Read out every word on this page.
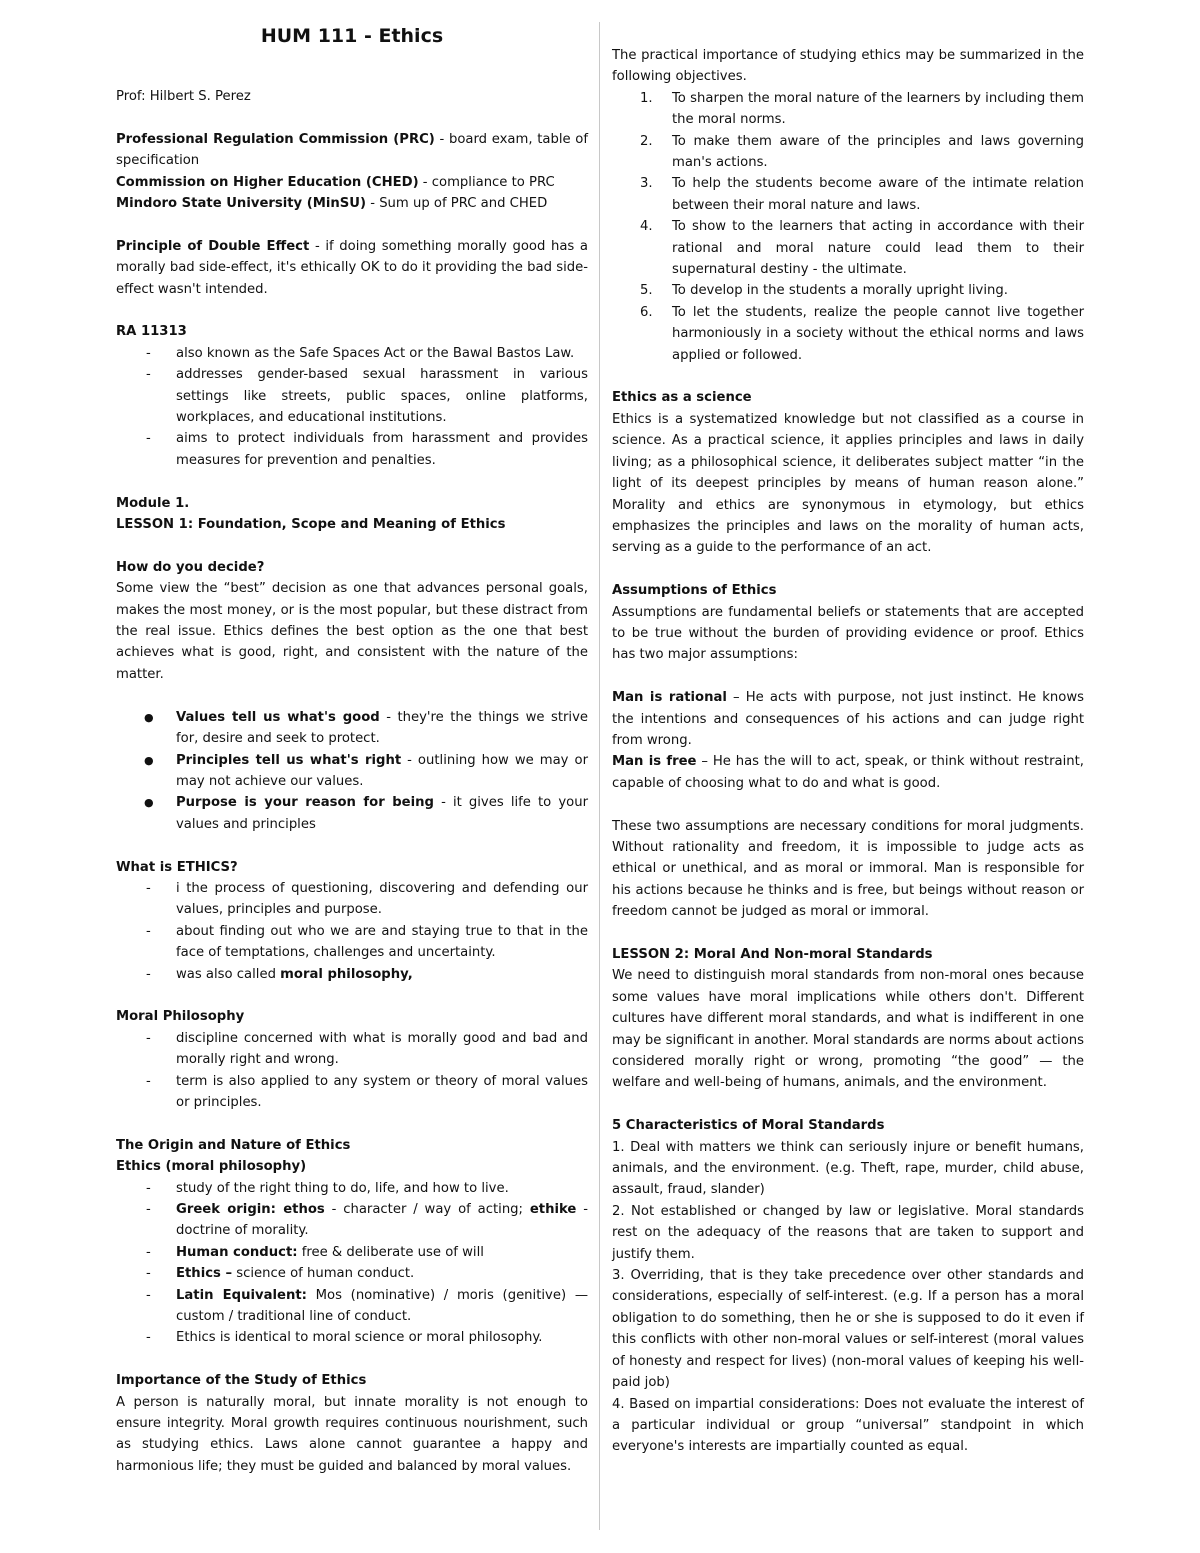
HUM 111 - Ethics

Prof: Hilbert S. Perez

Professional Regulation Commission (PRC) - board exam, table of specification

Commission on Higher Education (CHED) - compliance to PRC

Mindoro State University (MinSU) - Sum up of PRC and CHED

Principle of Double Effect - if doing something morally good has a morally bad side-effect, it's ethically OK to do it providing the bad side-effect wasn't intended.

RA 11313

- also known as the Safe Spaces Act or the Bawal Bastos Law.
- addresses gender-based sexual harassment in various settings like streets, public spaces, online platforms, workplaces, and educational institutions.
- aims to protect individuals from harassment and provides measures for prevention and penalties.

Module 1.

LESSON 1: Foundation, Scope and Meaning of Ethics

How do you decide?

Some view the “best” decision as one that advances personal goals, makes the most money, or is the most popular, but these distract from the real issue. Ethics defines the best option as the one that best achieves what is good, right, and consistent with the nature of the matter.

● Values tell us what's good - they're the things we strive for, desire and seek to protect.
● Principles tell us what's right - outlining how we may or may not achieve our values.
● Purpose is your reason for being - it gives life to your values and principles

What is ETHICS?

- i the process of questioning, discovering and defending our values, principles and purpose.
- about finding out who we are and staying true to that in the face of temptations, challenges and uncertainty.
- was also called moral philosophy,

Moral Philosophy

- discipline concerned with what is morally good and bad and morally right and wrong.
- term is also applied to any system or theory of moral values or principles.

The Origin and Nature of Ethics

Ethics (moral philosophy)

- study of the right thing to do, life, and how to live.
- Greek origin: ethos - character / way of acting; ethike - doctrine of morality.
- Human conduct: free & deliberate use of will
- Ethics – science of human conduct.
- Latin Equivalent: Mos (nominative) / moris (genitive) — custom / traditional line of conduct.
- Ethics is identical to moral science or moral philosophy.

Importance of the Study of Ethics

A person is naturally moral, but innate morality is not enough to ensure integrity. Moral growth requires continuous nourishment, such as studying ethics. Laws alone cannot guarantee a happy and harmonious life; they must be guided and balanced by moral values.

The practical importance of studying ethics may be summarized in the following objectives.

1. To sharpen the moral nature of the learners by including them the moral norms.
2. To make them aware of the principles and laws governing man's actions.
3. To help the students become aware of the intimate relation between their moral nature and laws.
4. To show to the learners that acting in accordance with their rational and moral nature could lead them to their supernatural destiny - the ultimate.
5. To develop in the students a morally upright living.
6. To let the students, realize the people cannot live together harmoniously in a society without the ethical norms and laws applied or followed.

Ethics as a science

Ethics is a systematized knowledge but not classified as a course in science. As a practical science, it applies principles and laws in daily living; as a philosophical science, it deliberates subject matter “in the light of its deepest principles by means of human reason alone.” Morality and ethics are synonymous in etymology, but ethics emphasizes the principles and laws on the morality of human acts, serving as a guide to the performance of an act.

Assumptions of Ethics

Assumptions are fundamental beliefs or statements that are accepted to be true without the burden of providing evidence or proof. Ethics has two major assumptions:

Man is rational – He acts with purpose, not just instinct. He knows the intentions and consequences of his actions and can judge right from wrong.

Man is free – He has the will to act, speak, or think without restraint, capable of choosing what to do and what is good.

These two assumptions are necessary conditions for moral judgments. Without rationality and freedom, it is impossible to judge acts as ethical or unethical, and as moral or immoral. Man is responsible for his actions because he thinks and is free, but beings without reason or freedom cannot be judged as moral or immoral.

LESSON 2: Moral And Non-moral Standards

We need to distinguish moral standards from non-moral ones because some values have moral implications while others don't. Different cultures have different moral standards, and what is indifferent in one may be significant in another. Moral standards are norms about actions considered morally right or wrong, promoting “the good” — the welfare and well-being of humans, animals, and the environment.

5 Characteristics of Moral Standards

1. Deal with matters we think can seriously injure or benefit humans, animals, and the environment. (e.g. Theft, rape, murder, child abuse, assault, fraud, slander)

2. Not established or changed by law or legislative. Moral standards rest on the adequacy of the reasons that are taken to support and justify them.

3. Overriding, that is they take precedence over other standards and considerations, especially of self-interest. (e.g. If a person has a moral obligation to do something, then he or she is supposed to do it even if this conflicts with other non-moral values or self-interest (moral values of honesty and respect for lives) (non-moral values of keeping his well-paid job)

4. Based on impartial considerations: Does not evaluate the interest of a particular individual or group “universal” standpoint in which everyone's interests are impartially counted as equal.
